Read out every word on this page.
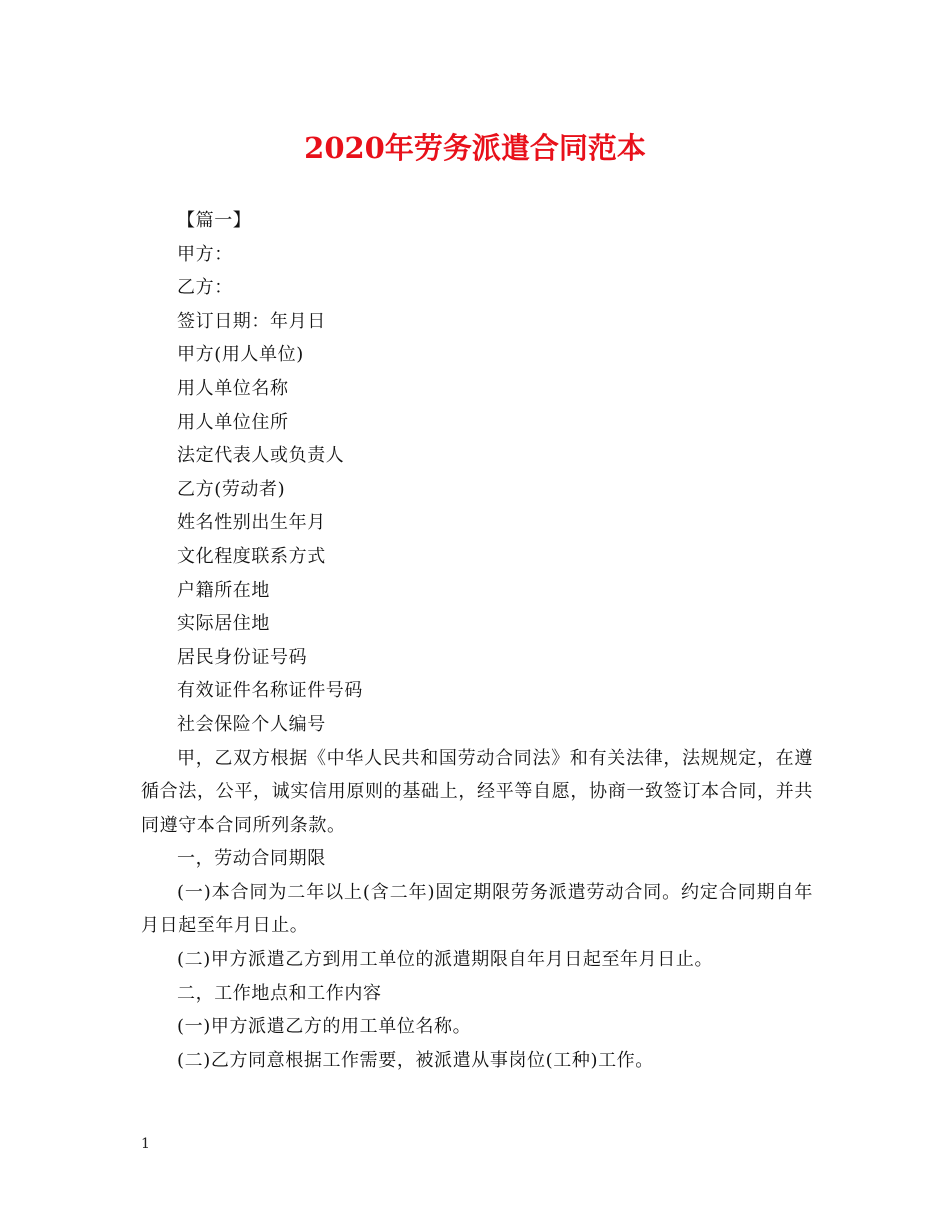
2020年劳务派遣合同范本

【篇一】

甲方：

乙方：

签订日期：年月日

甲方(用人单位)

用人单位名称

用人单位住所

法定代表人或负责人

乙方(劳动者)

姓名性别出生年月

文化程度联系方式

户籍所在地

实际居住地

居民身份证号码

有效证件名称证件号码

社会保险个人编号

甲，乙双方根据《中华人民共和国劳动合同法》和有关法律，法规规定，在遵循合法，公平，诚实信用原则的基础上，经平等自愿，协商一致签订本合同，并共同遵守本合同所列条款。

一，劳动合同期限

(一)本合同为二年以上(含二年)固定期限劳务派遣劳动合同。约定合同期自年月日起至年月日止。

(二)甲方派遣乙方到用工单位的派遣期限自年月日起至年月日止。

二，工作地点和工作内容

(一)甲方派遣乙方的用工单位名称。

(二)乙方同意根据工作需要，被派遣从事岗位(工种)工作。

1
